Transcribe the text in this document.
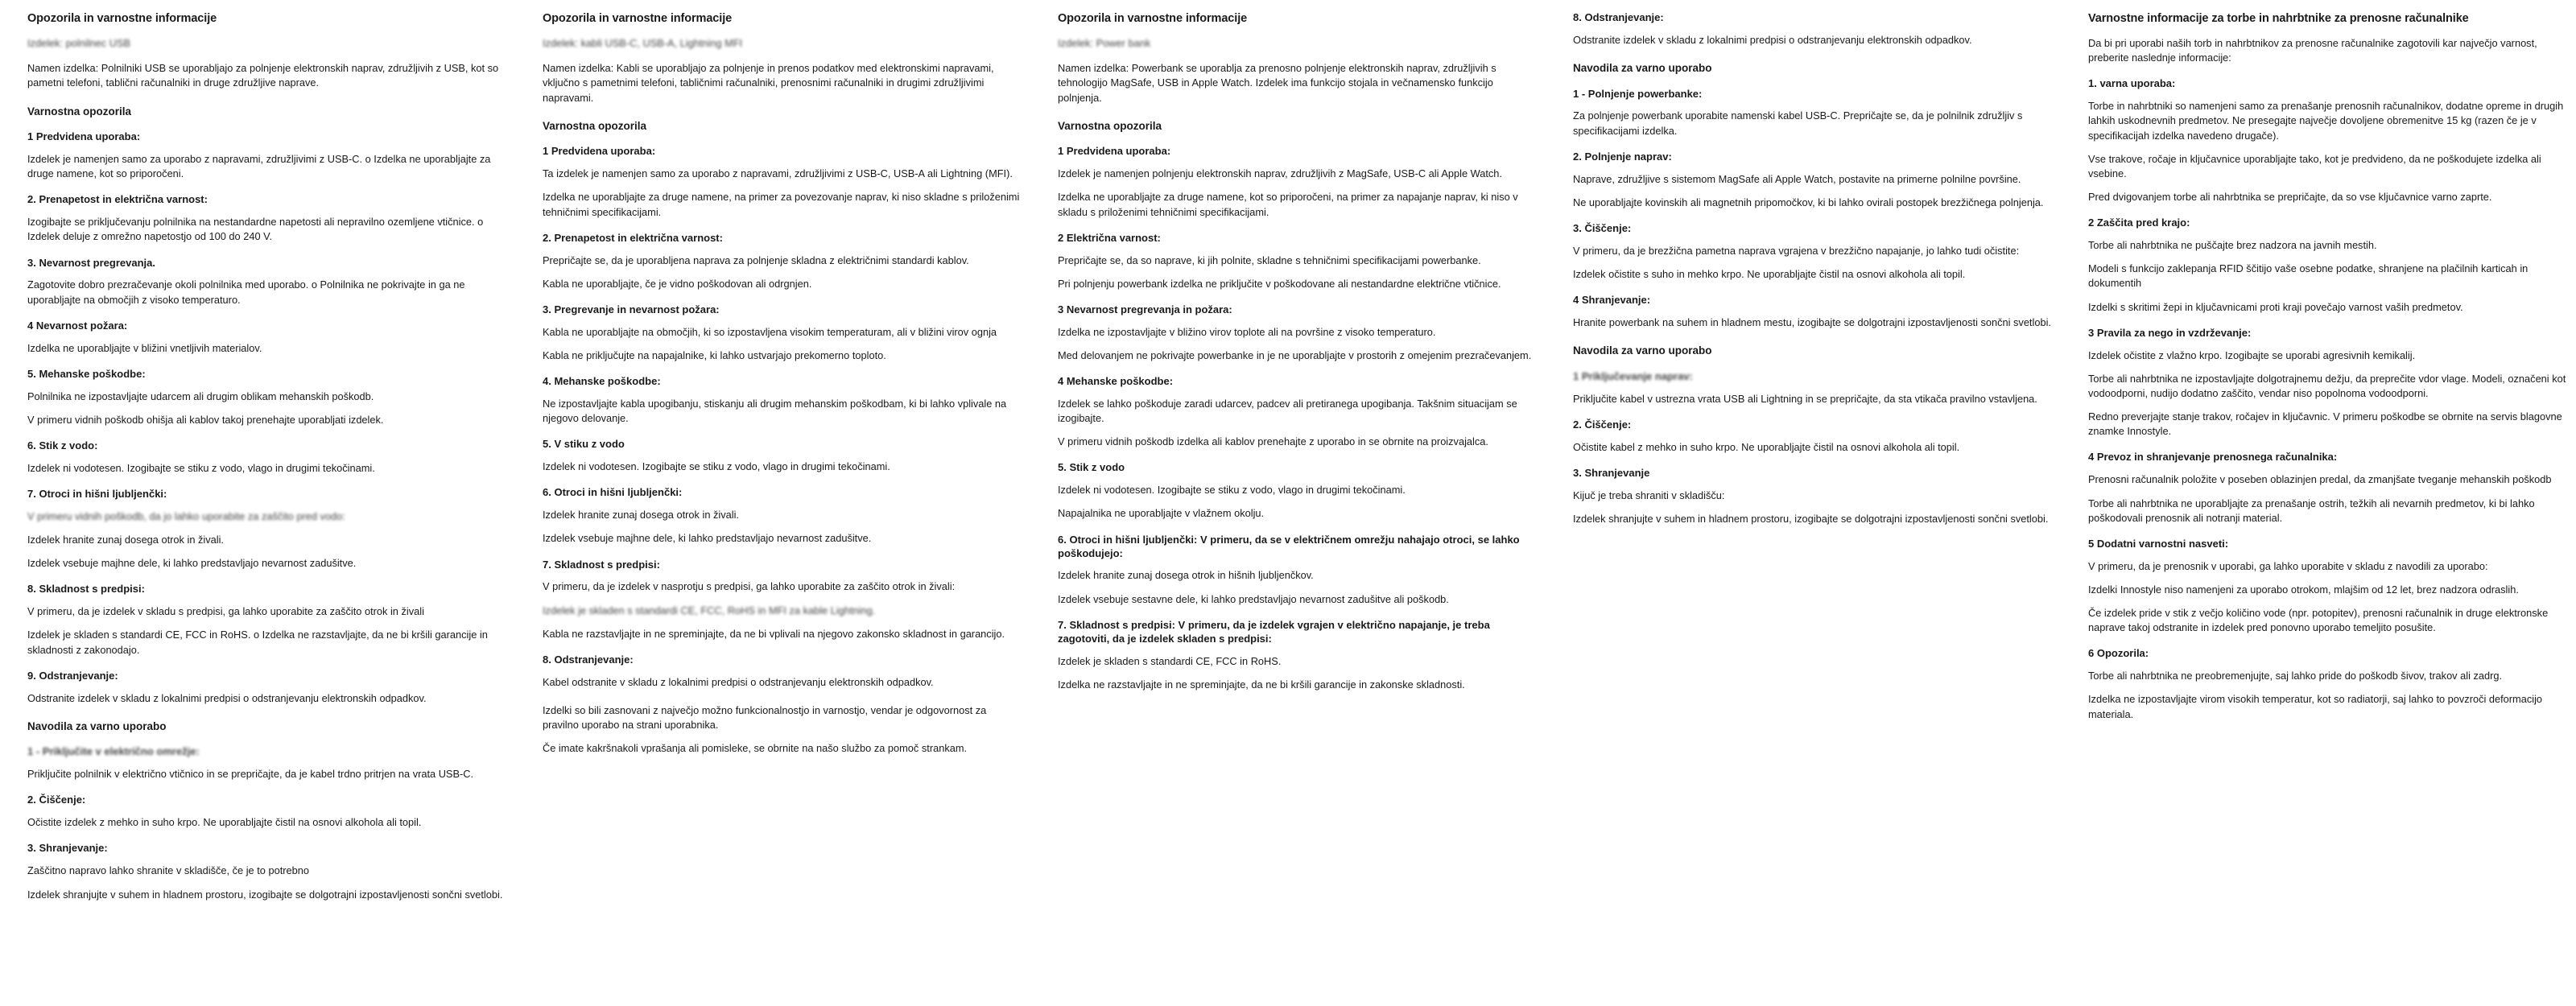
Opozorila in varnostne informacije

Izdelek: polnilnec USB

Namen izdelka: Polnilniki USB se uporabljajo za polnjenje elektronskih naprav, združljivih z USB, kot so pametni telefoni, tablični računalniki in druge združljive naprave.

Varnostna opozorila
1 Predvidena uporaba:

Izdelek je namenjen samo za uporabo z napravami, združljivimi z USB-C. o Izdelka ne uporabljajte za druge namene, kot so priporočeni.

2. Prenapetost in električna varnost:

Izogibajte se priključevanju polnilnika na nestandardne napetosti ali nepravilno ozemljene vtičnice. o Izdelek deluje z omrežno napetostjo od 100 do 240 V.

3. Nevarnost pregrevanja.

Zagotovite dobro prezračevanje okoli polnilnika med uporabo. o Polnilnika ne pokrivajte in ga ne uporabljajte na območjih z visoko temperaturo.

4 Nevarnost požara:

Izdelka ne uporabljajte v bližini vnetljivih materialov.

5. Mehanske poškodbe:

Polnilnika ne izpostavljajte udarcem ali drugim oblikam mehanskih poškodb.

V primeru vidnih poškodb ohišja ali kablov takoj prenehajte uporabljati izdelek.

6. Stik z vodo:

Izdelek ni vodotesen. Izogibajte se stiku z vodo, vlago in drugimi tekočinami.

7. Otroci in hišni ljubljenčki:

V primeru vidnih poškodb, da jo lahko uporabite za zaščito pred vodo:

Izdelek hranite zunaj dosega otrok in živali.

Izdelek vsebuje majhne dele, ki lahko predstavljajo nevarnost zadušitve.

8. Skladnost s predpisi:

V primeru, da je izdelek v skladu s predpisi, ga lahko uporabite za zaščito otrok in živali

Izdelek je skladen s standardi CE, FCC in RoHS. o Izdelka ne razstavljajte, da ne bi kršili garancije in skladnosti z zakonodajo.

9. Odstranjevanje:

Odstranite izdelek v skladu z lokalnimi predpisi o odstranjevanju elektronskih odpadkov.

Navodila za varno uporabo
1 - Priključite v električno omrežje:

Priključite polnilnik v električno vtičnico in se prepričajte, da je kabel trdno pritrjen na vrata USB-C.

2. Čiščenje:

Očistite izdelek z mehko in suho krpo. Ne uporabljajte čistil na osnovi alkohola ali topil.

3. Shranjevanje:

Zaščitno napravo lahko shranite v skladišče, če je to potrebno

Izdelek shranjujte v suhem in hladnem prostoru, izogibajte se dolgotrajni izpostavljenosti sončni svetlobi.

Opozorila in varnostne informacije

Izdelek: kabli USB-C, USB-A, Lightning MFI

Namen izdelka: Kabli se uporabljajo za polnjenje in prenos podatkov med elektronskimi napravami, vključno s pametnimi telefoni, tabličnimi računalniki, prenosnimi računalniki in drugimi združljivimi napravami.

Varnostna opozorila
1 Predvidena uporaba:

Ta izdelek je namenjen samo za uporabo z napravami, združljivimi z USB-C, USB-A ali Lightning (MFI).

Izdelka ne uporabljajte za druge namene, na primer za povezovanje naprav, ki niso skladne s priloženimi tehničnimi specifikacijami.

2. Prenapetost in električna varnost:

Prepričajte se, da je uporabljena naprava za polnjenje skladna z električnimi standardi kablov.

Kabla ne uporabljajte, če je vidno poškodovan ali odrgnjen.

3. Pregrevanje in nevarnost požara:

Kabla ne uporabljajte na območjih, ki so izpostavljena visokim temperaturam, ali v bližini virov ognja

Kabla ne priključujte na napajalnike, ki lahko ustvarjajo prekomerno toploto.

4. Mehanske poškodbe:

Ne izpostavljajte kabla upogibanju, stiskanju ali drugim mehanskim poškodbam, ki bi lahko vplivale na njegovo delovanje.

5. V stiku z vodo

Izdelek ni vodotesen. Izogibajte se stiku z vodo, vlago in drugimi tekočinami.

6. Otroci in hišni ljubljenčki:

Izdelek hranite zunaj dosega otrok in živali.

Izdelek vsebuje majhne dele, ki lahko predstavljajo nevarnost zadušitve.

7. Skladnost s predpisi:

V primeru, da je izdelek v nasprotju s predpisi, ga lahko uporabite za zaščito otrok in živali:

Izdelek je skladen s standardi CE, FCC, RoHS in MFI za kable Lightning.

Kabla ne razstavljajte in ne spreminjajte, da ne bi vplivali na njegovo zakonsko skladnost in garancijo.

8. Odstranjevanje:

Kabel odstranite v skladu z lokalnimi predpisi o odstranjevanju elektronskih odpadkov.

Izdelki so bili zasnovani z največjo možno funkcionalnostjo in varnostjo, vendar je odgovornost za pravilno uporabo na strani uporabnika.

Če imate kakršnakoli vprašanja ali pomisleke, se obrnite na našo službo za pomoč strankam.

Opozorila in varnostne informacije

Izdelek: Power bank

Namen izdelka: Powerbank se uporablja za prenosno polnjenje elektronskih naprav, združljivih s tehnologijo MagSafe, USB in Apple Watch. Izdelek ima funkcijo stojala in večnamensko funkcijo polnjenja.

Varnostna opozorila
1 Predvidena uporaba:

Izdelek je namenjen polnjenju elektronskih naprav, združljivih z MagSafe, USB-C ali Apple Watch.

Izdelka ne uporabljajte za druge namene, kot so priporočeni, na primer za napajanje naprav, ki niso v skladu s priloženimi tehničnimi specifikacijami.

2 Električna varnost:

Prepričajte se, da so naprave, ki jih polnite, skladne s tehničnimi specifikacijami powerbanke.

Pri polnjenju powerbank izdelka ne priključite v poškodovane ali nestandardne električne vtičnice.

3 Nevarnost pregrevanja in požara:

Izdelka ne izpostavljajte v bližino virov toplote ali na površine z visoko temperaturo.

Med delovanjem ne pokrivajte powerbanke in je ne uporabljajte v prostorih z omejenim prezračevanjem.

4 Mehanske poškodbe:

Izdelek se lahko poškoduje zaradi udarcev, padcev ali pretiranega upogibanja. Takšnim situacijam se izogibajte.

V primeru vidnih poškodb izdelka ali kablov prenehajte z uporabo in se obrnite na proizvajalca.

5. Stik z vodo

Izdelek ni vodotesen. Izogibajte se stiku z vodo, vlago in drugimi tekočinami.

Napajalnika ne uporabljajte v vlažnem okolju.

6. Otroci in hišni ljubljenčki: V primeru, da se v električnem omrežju nahajajo otroci, se lahko poškodujejo:

Izdelek hranite zunaj dosega otrok in hišnih ljubljenčkov.

Izdelek vsebuje sestavne dele, ki lahko predstavljajo nevarnost zadušitve ali poškodb.

7. Skladnost s predpisi: V primeru, da je izdelek vgrajen v električno napajanje, je treba zagotoviti, da je izdelek skladen s predpisi:

Izdelek je skladen s standardi CE, FCC in RoHS.

Izdelka ne razstavljajte in ne spreminjajte, da ne bi kršili garancije in zakonske skladnosti.

8. Odstranjevanje:

Odstranite izdelek v skladu z lokalnimi predpisi o odstranjevanju elektronskih odpadkov.

Navodila za varno uporabo
1 - Polnjenje powerbanke:

Za polnjenje powerbank uporabite namenski kabel USB-C. Prepričajte se, da je polnilnik združljiv s specifikacijami izdelka.

2. Polnjenje naprav:

Naprave, združljive s sistemom MagSafe ali Apple Watch, postavite na primerne polnilne površine.

Ne uporabljajte kovinskih ali magnetnih pripomočkov, ki bi lahko ovirali postopek brezžičnega polnjenja.

3. Čiščenje:

V primeru, da je brezžična pametna naprava vgrajena v brezžično napajanje, jo lahko tudi očistite:

Izdelek očistite s suho in mehko krpo. Ne uporabljajte čistil na osnovi alkohola ali topil.

4 Shranjevanje:

Hranite powerbank na suhem in hladnem mestu, izogibajte se dolgotrajni izpostavljenosti sončni svetlobi.

Navodila za varno uporabo
1 Priključevanje naprav:

Priključite kabel v ustrezna vrata USB ali Lightning in se prepričajte, da sta vtikača pravilno vstavljena.

2. Čiščenje:

Očistite kabel z mehko in suho krpo. Ne uporabljajte čistil na osnovi alkohola ali topil.

3. Shranjevanje

Kijuč je treba shraniti v skladišču:

Izdelek shranjujte v suhem in hladnem prostoru, izogibajte se dolgotrajni izpostavljenosti sončni svetlobi.

Varnostne informacije za torbe in nahrbtnike za prenosne računalnike

Da bi pri uporabi naših torb in nahrbtnikov za prenosne računalnike zagotovili kar največjo varnost, preberite naslednje informacije:

1. varna uporaba:

Torbe in nahrbtniki so namenjeni samo za prenašanje prenosnih računalnikov, dodatne opreme in drugih lahkih uskodnevnih predmetov. Ne presegajte največje dovoljene obremenitve 15 kg (razen če je v specifikacijah izdelka navedeno drugače).

Vse trakove, ročaje in ključavnice uporabljajte tako, kot je predvideno, da ne poškodujete izdelka ali vsebine.

Pred dvigovanjem torbe ali nahrbtnika se prepričajte, da so vse ključavnice varno zaprte.

2 Zaščita pred krajo:

Torbe ali nahrbtnika ne puščajte brez nadzora na javnih mestih.

Modeli s funkcijo zaklepanja RFID ščitijo vaše osebne podatke, shranjene na plačilnih karticah in dokumentih

Izdelki s skritimi žepi in ključavnicami proti kraji povečajo varnost vaših predmetov.

3 Pravila za nego in vzdrževanje:

Izdelek očistite z vlažno krpo. Izogibajte se uporabi agresivnih kemikalij.

Torbe ali nahrbtnika ne izpostavljajte dolgotrajnemu dežju, da preprečite vdor vlage. Modeli, označeni kot vodoodporni, nudijo dodatno zaščito, vendar niso popolnoma vodoodporni.

Redno preverjajte stanje trakov, ročajev in ključavnic. V primeru poškodbe se obrnite na servis blagovne znamke Innostyle.

4 Prevoz in shranjevanje prenosnega računalnika:

Prenosni računalnik položite v poseben oblazinjen predal, da zmanjšate tveganje mehanskih poškodb

Torbe ali nahrbtnika ne uporabljajte za prenašanje ostrih, težkih ali nevarnih predmetov, ki bi lahko poškodovali prenosnik ali notranji material.

5 Dodatni varnostni nasveti:

V primeru, da je prenosnik v uporabi, ga lahko uporabite v skladu z navodili za uporabo:

Izdelki Innostyle niso namenjeni za uporabo otrokom, mlajšim od 12 let, brez nadzora odraslih.

Če izdelek pride v stik z večjo količino vode (npr. potopitev), prenosni računalnik in druge elektronske naprave takoj odstranite in izdelek pred ponovno uporabo temeljito posušite.

6 Opozorila:

Torbe ali nahrbtnika ne preobremenjujte, saj lahko pride do poškodb šivov, trakov ali zadrg.

Izdelka ne izpostavljajte virom visokih temperatur, kot so radiatorji, saj lahko to povzroči deformacijo materiala.
